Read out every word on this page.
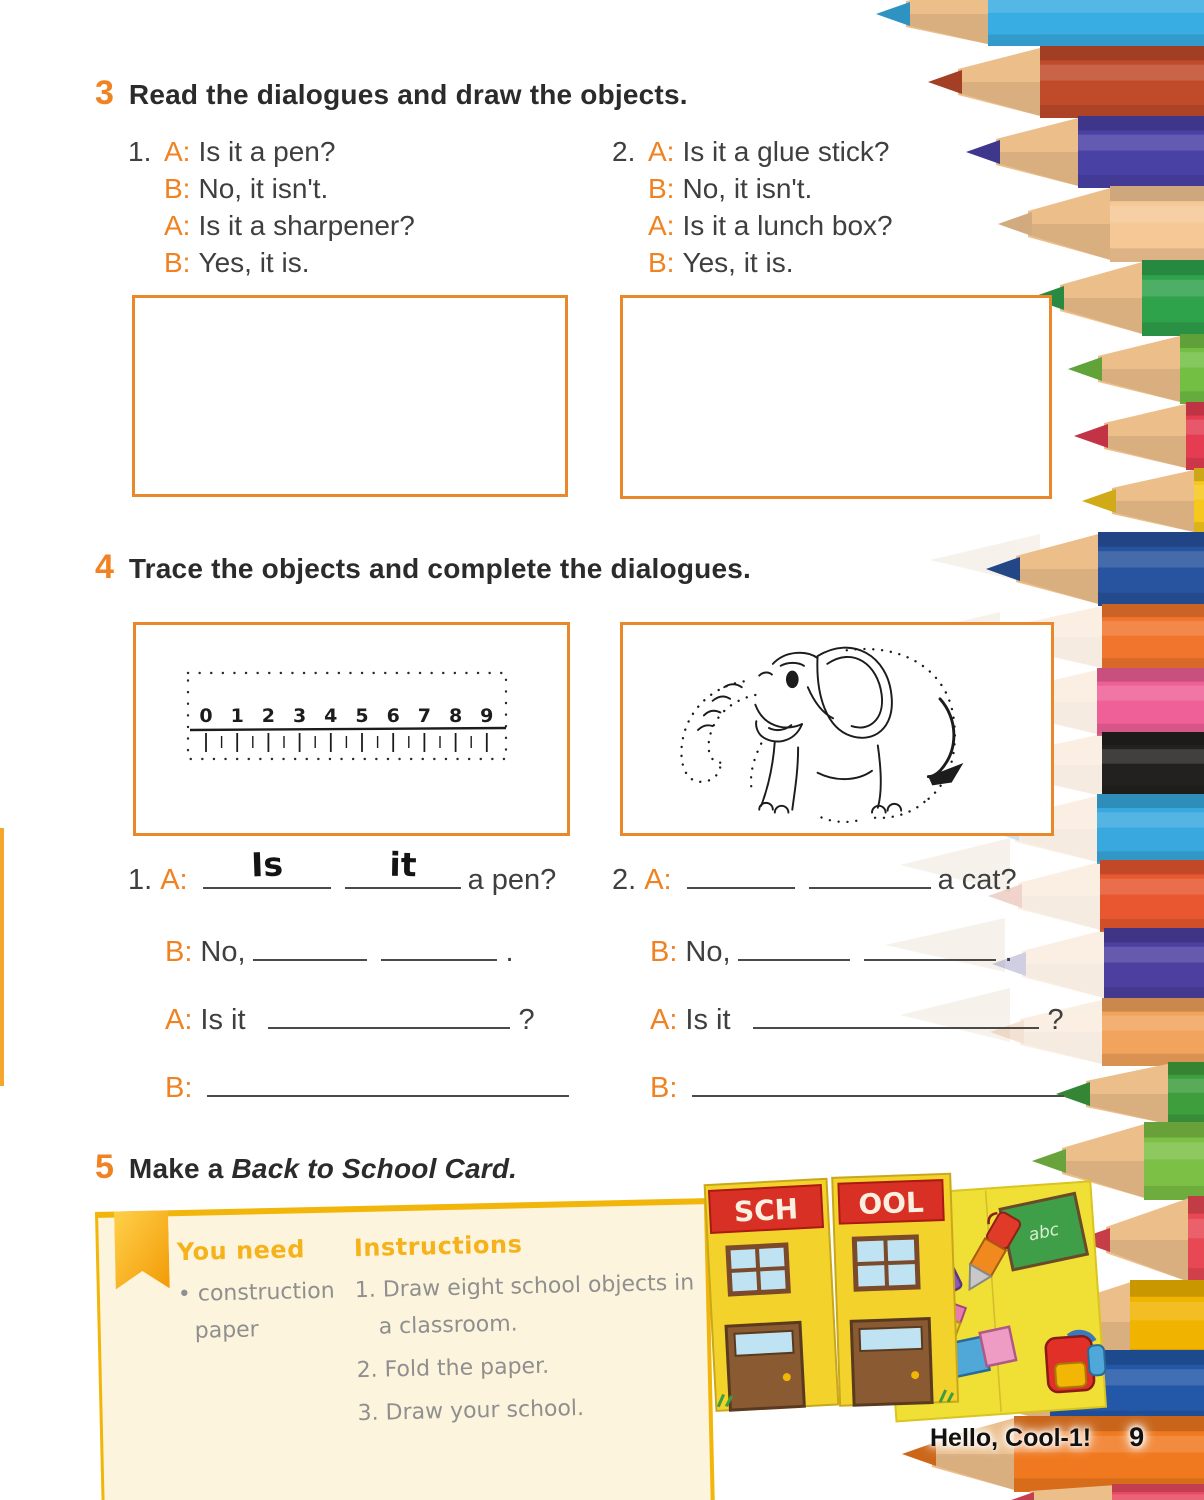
3 Read the dialogues and draw the objects.
1. A: Is it a pen?
B: No, it isn't.
A: Is it a sharpener?
B: Yes, it is.
2. A: Is it a glue stick?
B: No, it isn't.
A: Is it a lunch box?
B: Yes, it is.
4 Trace the objects and complete the dialogues.
0 1 2 3 4 5 6 7 8 9
1. A: Is	it a pen? 2. A:	a cat?
B: No,	.	B: No,	.
A: Is it	?	A: Is it	?
B:	B:
5 Make a Back to School Card.
You need
• construction
paper
Instructions
1. Draw eight school objects in
a classroom.
2. Fold the paper.
3. Draw your school.
abc
SCH OOL
Hello, Cool-1! 9
